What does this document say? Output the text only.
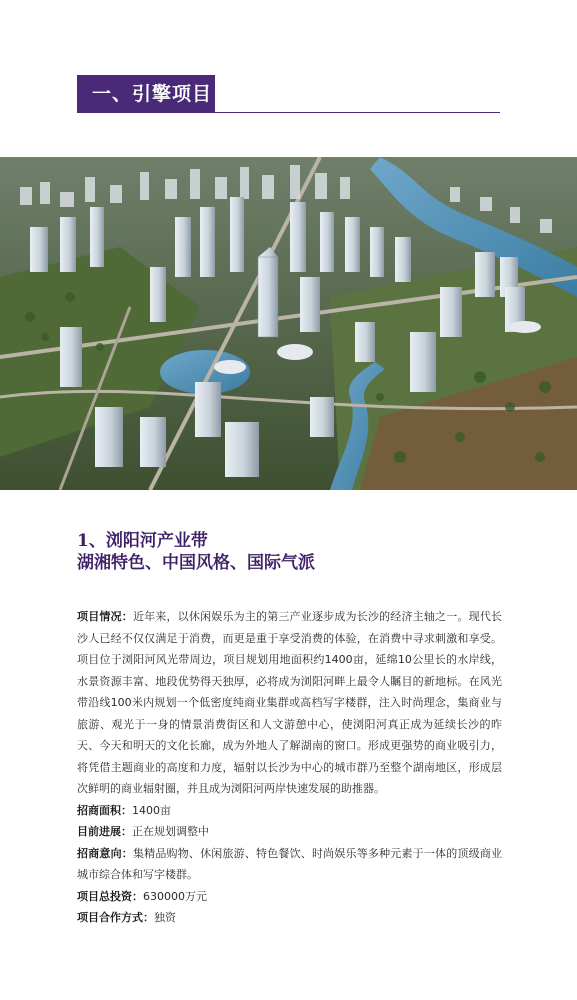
一、引擎项目
1、浏阳河产业带
湖湘特色、中国风格、国际气派

项目情况：近年来，以休闲娱乐为主的第三产业逐步成为长沙的经济主轴之一。现代长沙人已经不仅仅满足于消费，而更是重于享受消费的体验，在消费中寻求刺激和享受。项目位于浏阳河风光带周边，项目规划用地面积约1400亩，延绵10公里长的水岸线，水景资源丰富、地段优势得天独厚，必将成为浏阳河畔上最令人瞩目的新地标。在风光带沿线100米内规划一个低密度纯商业集群或高档写字楼群，注入时尚理念，集商业与旅游、观光于一身的情景消费街区和人文游憩中心，使浏阳河真正成为延续长沙的昨天、今天和明天的文化长廊，成为外地人了解湖南的窗口。形成更强势的商业吸引力，将凭借主题商业的高度和力度，辐射以长沙为中心的城市群乃至整个湖南地区，形成层次鲜明的商业辐射圈，并且成为浏阳河两岸快速发展的助推器。

招商面积：1400亩

目前进展：正在规划调整中

招商意向：集精品购物、休闲旅游、特色餐饮、时尚娱乐等多种元素于一体的顶级商业城市综合体和写字楼群。

项目总投资：630000万元

项目合作方式：独资
